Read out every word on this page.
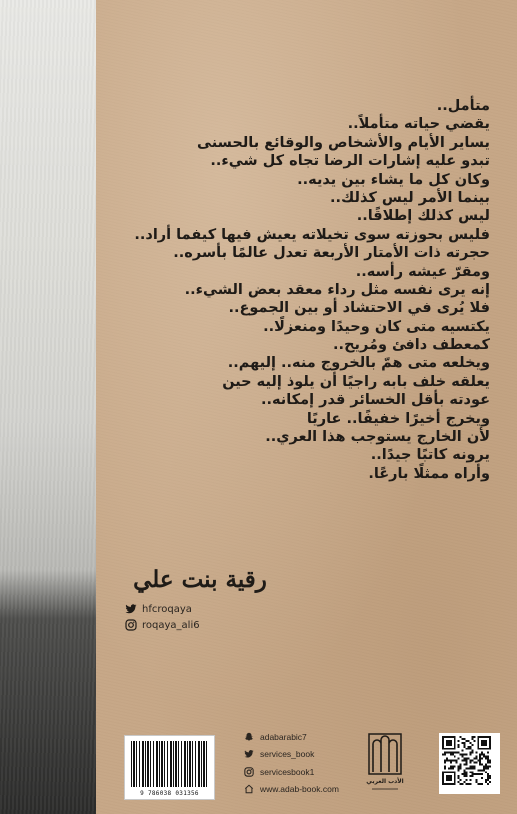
متأمل..
يقضي حياته متأملاً..
يساير الأيام والأشخاص والوقائع بالحسنى
تبدو عليه إشارات الرضا تجاه كل شيء..
وكان كل ما يشاء بين يديه..
بينما الأمر ليس كذلك..
ليس كذلك إطلاقًا..
فليس بحوزته سوى تخيلاته يعيش فيها كيفما أراد..
حجرته ذات الأمتار الأربعة تعدل عالمًا بأسره..
ومقرّ عيشه رأسه..
إنه يرى نفسه مثل رداء معقد بعض الشيء..
فلا يُرى في الاحتشاد أو بين الجموع..
يكتسيه متى كان وحيدًا ومنعزلًا..
كمعطف دافئ ومُريح..
ويخلعه متى همّ بالخروج منه.. إليهم..
يعلقه خلف بابه راجيًا أن يلوذ إليه حين
عودته بأقل الخسائر قدر إمكانه..
ويخرج أخيرًا خفيفًا.. عاريًا
لأن الخارج يستوجب هذا العري..
يرونه كاتبًا جيدًا..
وأراه ممثلًا بارعًا.
رقية بنت علي
hfcroqaya
roqaya_ali6
9 786038 031356
adabarabic7
services_book
servicesbook1
www.adab-book.com
الأدب العربي
